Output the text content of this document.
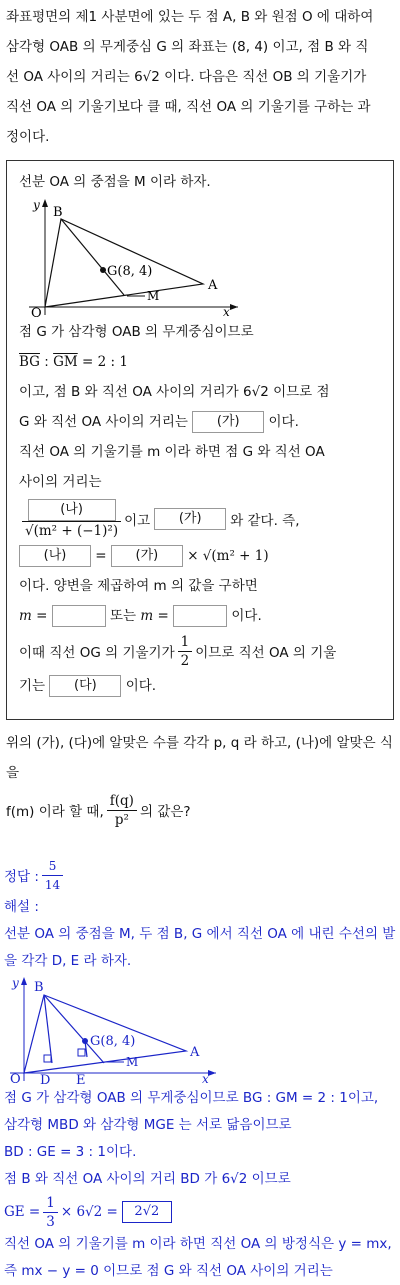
좌표평면의 제1 사분면에 있는 두 점 A, B 와 원점 O 에 대하여

삼각형 OAB 의 무게중심 G 의 좌표는 (8, 4) 이고, 점 B 와 직

선 OA 사이의 거리는 6√2 이다. 다음은 직선 OB 의 기울기가

직선 OA 의 기울기보다 클 때, 직선 OA 의 기울기를 구하는 과

정이다.

선분 OA 의 중점을 M 이라 하자.

B
G(8, 4)
A
M
O	x
y

점 G 가 삼각형 OAB 의 무게중심이므로

$\overline{BG}$ : $\overline{GM} = 2$ : 1

이고, 점 B 와 직선 OA 사이의 거리가 6√2 이므로 점

G 와 직선 OA 사이의 거리는 (가) 이다.

직선 OA 의 기울기를 m 이라 하면 점 G 와 직선 OA

사이의 거리는

$\frac{\text{(나)}}{\text{√(m² + (−1)²)}}$ 이고	(가)	와 같다. 즉,

(나) = (가) × √(m² + 1)

이다. 양변을 제곱하여 m 의 값을 구하면

m =	또는 m =	이다.

이때 직선 OG 의 기울기가 $\frac{1}{2}$ 이므로 직선 OA 의 기울

기는 (다) 이다.

위의 (가), (다)에 알맞은 수를 각각 p, q 라 하고, (나)에 알맞은 식을

f(m) 이라 할 때, $\frac{f(q)}{\text{p²}}$ 의 값은?
정답 : $\frac{5}{14}$

해설 :

선분 OA 의 중점을 M, 두 점 B, G 에서 직선 OA 에 내린 수선의 발

을 각각 D, E 라 하자.

B
G(8, 4)
A
M
O D E	x
y

점 G 가 삼각형 OAB 의 무게중심이므로 BG : GM = 2 : 1이고,

삼각형 MBD 와 삼각형 MGE 는 서로 닮음이므로

BD : GE = 3 : 1이다.

점 B 와 직선 OA 사이의 거리 BD 가 6√2 이므로

GE = $\frac{1}{3} \times 6√2$ =	2√2

직선 OA 의 기울기를 m 이라 하면 직선 OA 의 방정식은 y = mx,

즉 mx − y = 0 이므로 점 G 와 직선 OA 사이의 거리는
